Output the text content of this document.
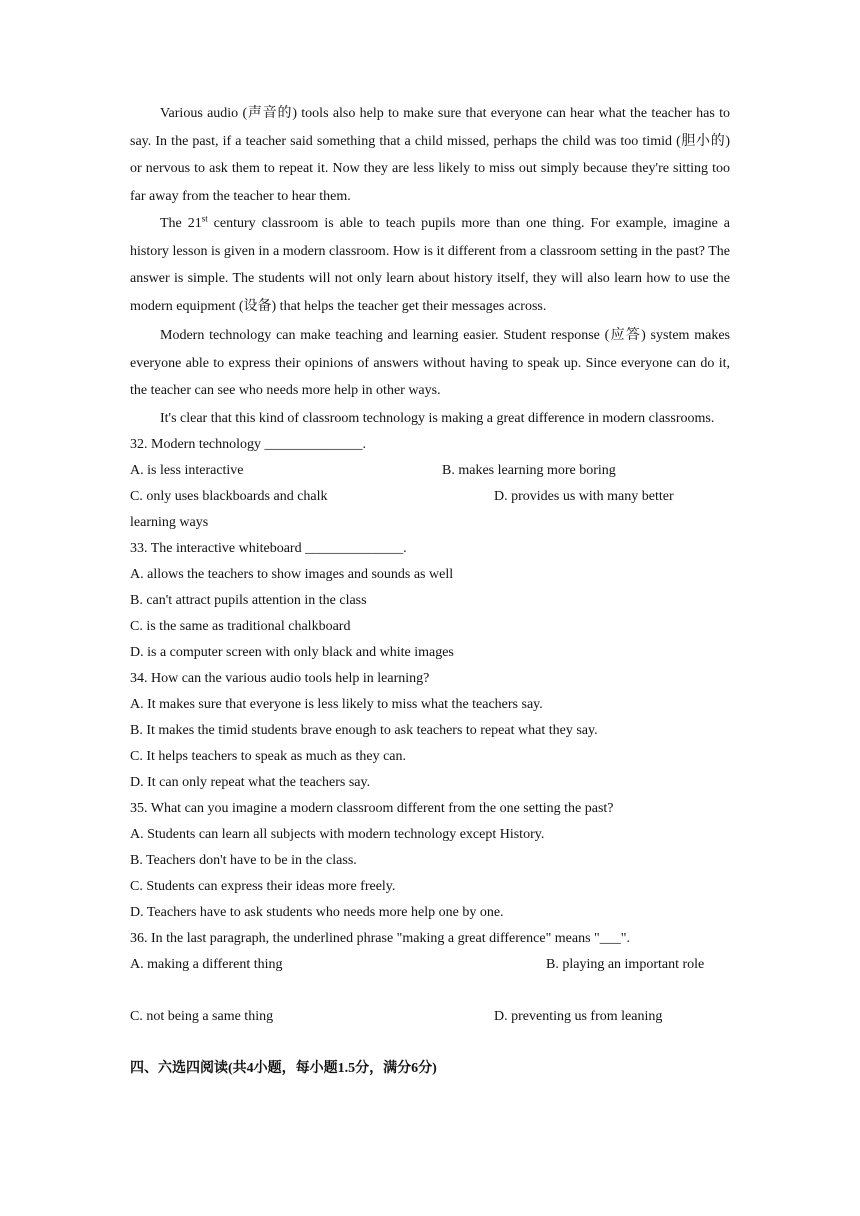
Various audio (声音的) tools also help to make sure that everyone can hear what the teacher has to say. In the past, if a teacher said something that a child missed, perhaps the child was too timid (胆小的) or nervous to ask them to repeat it. Now they are less likely to miss out simply because they're sitting too far away from the teacher to hear them.

The 21st century classroom is able to teach pupils more than one thing. For example, imagine a history lesson is given in a modern classroom. How is it different from a classroom setting in the past? The answer is simple. The students will not only learn about history itself, they will also learn how to use the modern equipment (设备) that helps the teacher get their messages across.

Modern technology can make teaching and learning easier. Student response (应答) system makes everyone able to express their opinions of answers without having to speak up. Since everyone can do it, the teacher can see who needs more help in other ways.

It's clear that this kind of classroom technology is making a great difference in modern classrooms.

32. Modern technology ______________.
A. is less interactive	B. makes learning more boring
C. only uses blackboards and chalk	D. provides us with many better
learning ways
33. The interactive whiteboard ______________.
A. allows the teachers to show images and sounds as well
B. can't attract pupils attention in the class
C. is the same as traditional chalkboard
D. is a computer screen with only black and white images
34. How can the various audio tools help in learning?
A. It makes sure that everyone is less likely to miss what the teachers say.
B. It makes the timid students brave enough to ask teachers to repeat what they say.
C. It helps teachers to speak as much as they can.
D. It can only repeat what the teachers say.
35. What can you imagine a modern classroom different from the one setting the past?
A. Students can learn all subjects with modern technology except History.
B. Teachers don't have to be in the class.
C. Students can express their ideas more freely.
D. Teachers have to ask students who needs more help one by one.
36. In the last paragraph, the underlined phrase "making a great difference" means "___".
A. making a different thing	B. playing an important role
C. not being a same thing	D. preventing us from leaning
四、六选四阅读(共4小题，每小题1.5分，满分6分)
